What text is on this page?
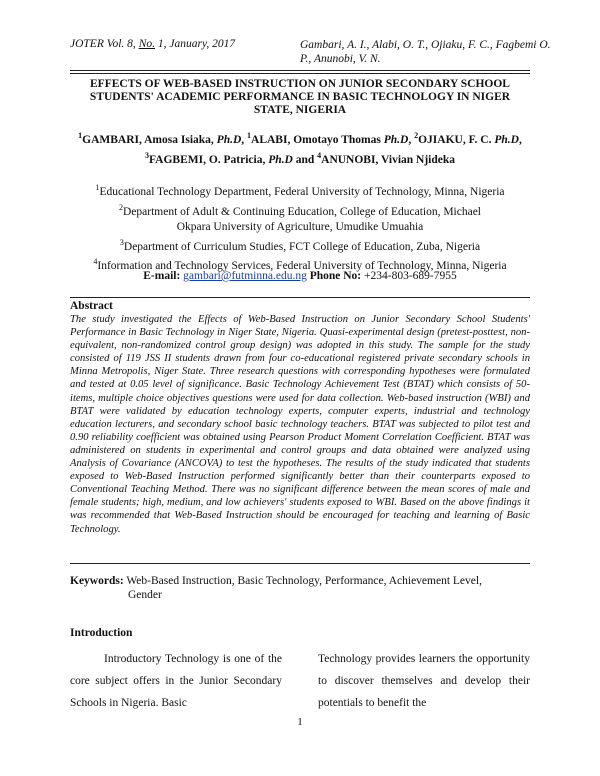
JOTER Vol. 8, No. 1, January, 2017	Gambari, A. I., Alabi, O. T., Ojiaku, F. C., Fagbemi O. P., Anunobi, V. N.
EFFECTS OF WEB-BASED INSTRUCTION ON JUNIOR SECONDARY SCHOOL STUDENTS' ACADEMIC PERFORMANCE IN BASIC TECHNOLOGY IN NIGER STATE, NIGERIA
$^1$GAMBARI, Amosa Isiaka, Ph.D, $^1$ALABI, Omotayo Thomas Ph.D, $^2$OJIAKU, F. C. Ph.D,
$^3$FAGBEMI, O. Patricia, Ph.D and $^4$ANUNOBI, Vivian Njideka
$^1$Educational Technology Department, Federal University of Technology, Minna, Nigeria
$^2$Department of Adult & Continuing Education, College of Education, Michael Okpara University of Agriculture, Umudike Umuahia
$^3$Department of Curriculum Studies, FCT College of Education, Zuba, Nigeria
$^4$Information and Technology Services, Federal University of Technology, Minna, Nigeria
E-mail: gambari@futminna.edu.ng Phone No: +234-803-689-7955
Abstract
The study investigated the Effects of Web-Based Instruction on Junior Secondary School Students' Performance in Basic Technology in Niger State, Nigeria. Quasi-experimental design (pretest-posttest, non-equivalent, non-randomized control group design) was adopted in this study. The sample for the study consisted of 119 JSS II students drawn from four co-educational registered private secondary schools in Minna Metropolis, Niger State. Three research questions with corresponding hypotheses were formulated and tested at 0.05 level of significance. Basic Technology Achievement Test (BTAT) which consists of 50-items, multiple choice objectives questions were used for data collection. Web-based instruction (WBI) and BTAT were validated by education technology experts, computer experts, industrial and technology education lecturers, and secondary school basic technology teachers. BTAT was subjected to pilot test and 0.90 reliability coefficient was obtained using Pearson Product Moment Correlation Coefficient. BTAT was administered on students in experimental and control groups and data obtained were analyzed using Analysis of Covariance (ANCOVA) to test the hypotheses. The results of the study indicated that students exposed to Web-Based Instruction performed significantly better than their counterparts exposed to Conventional Teaching Method. There was no significant difference between the mean scores of male and female students; high, medium, and low achievers' students exposed to WBI. Based on the above findings it was recommended that Web-Based Instruction should be encouraged for teaching and learning of Basic Technology.
Keywords: Web-Based Instruction, Basic Technology, Performance, Achievement Level,
Gender
Introduction
Introductory Technology is one of the core subject offers in the Junior Secondary Schools in Nigeria. Basic
Technology provides learners the opportunity to discover themselves and develop their potentials to benefit the
1
